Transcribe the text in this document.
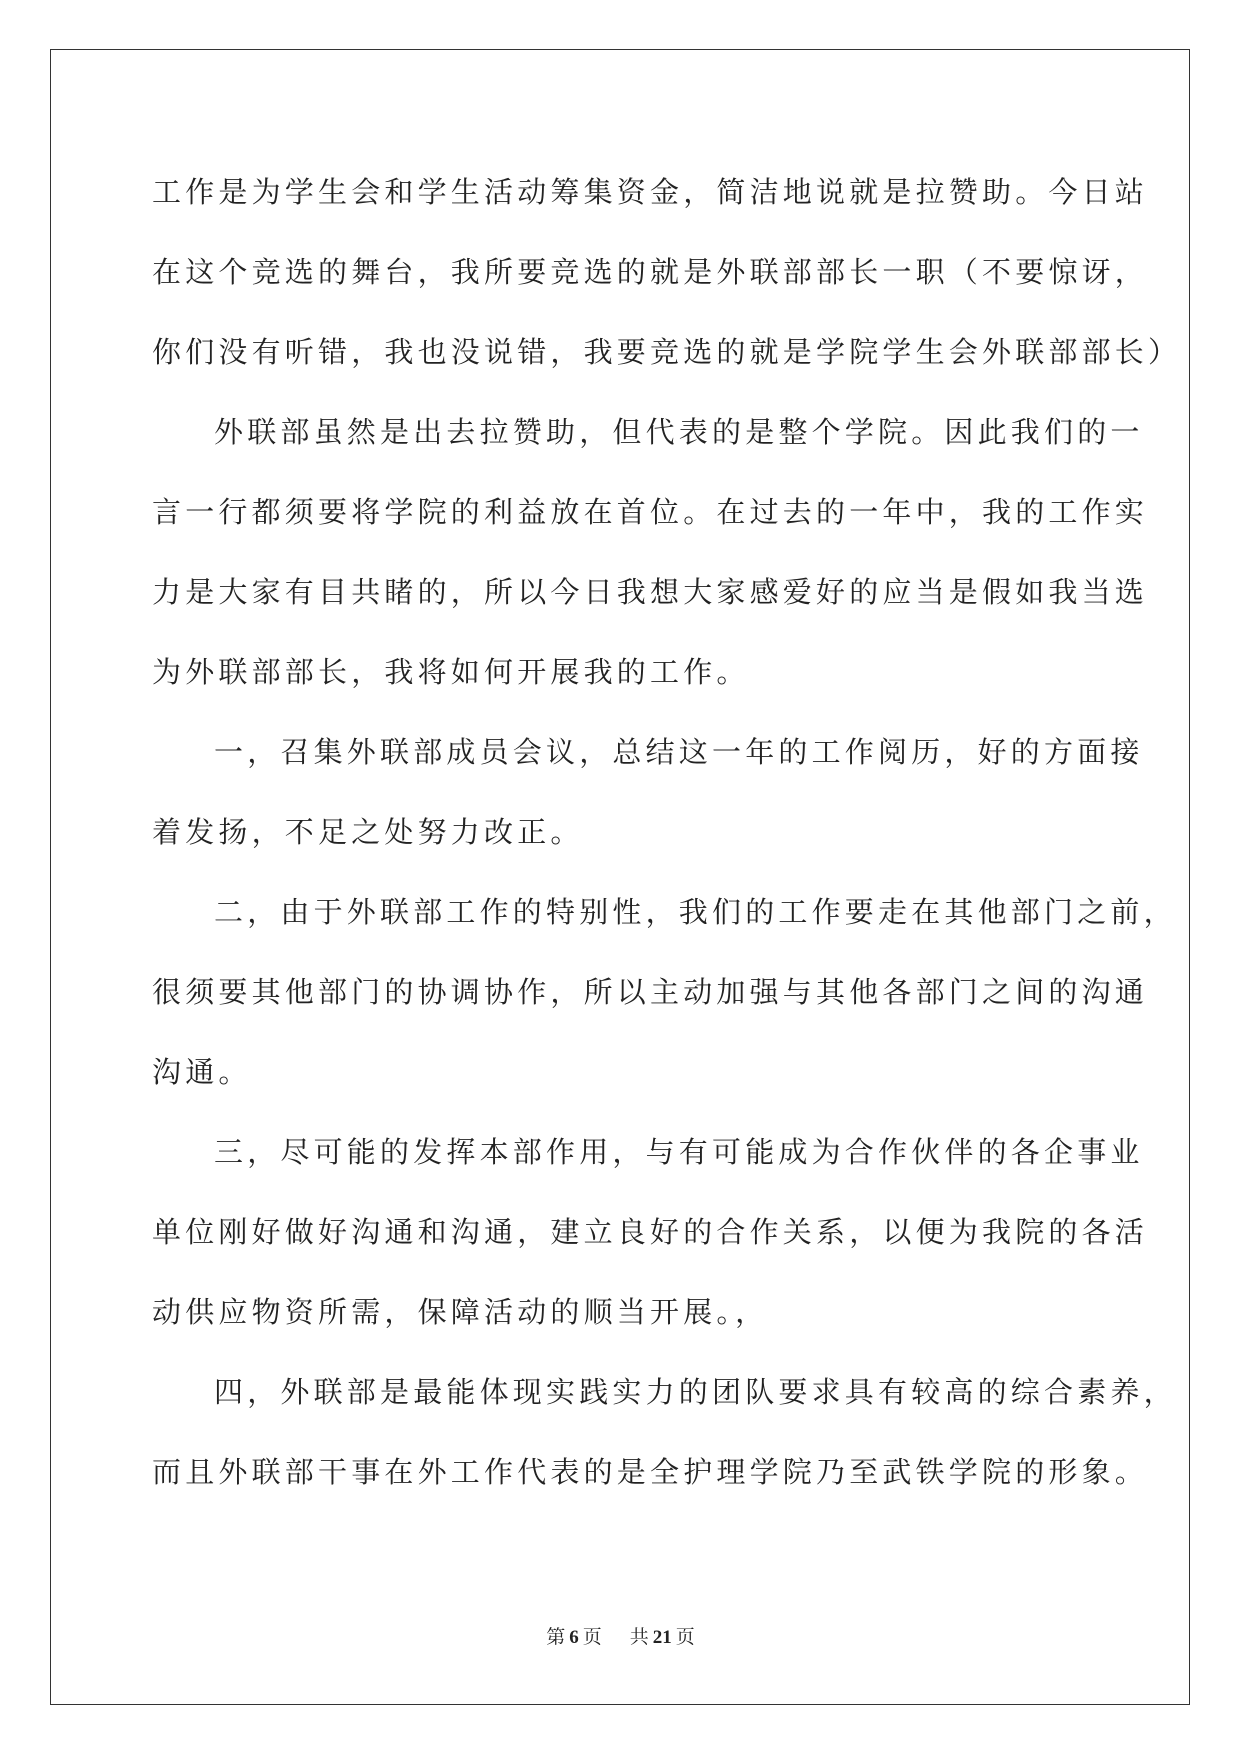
工作是为学生会和学生活动筹集资金，简洁地说就是拉赞助。今日站
在这个竞选的舞台，我所要竞选的就是外联部部长一职（不要惊讶，
你们没有听错，我也没说错，我要竞选的就是学院学生会外联部部长）
外联部虽然是出去拉赞助，但代表的是整个学院。因此我们的一
言一行都须要将学院的利益放在首位。在过去的一年中，我的工作实
力是大家有目共睹的，所以今日我想大家感爱好的应当是假如我当选
为外联部部长，我将如何开展我的工作。
一，召集外联部成员会议，总结这一年的工作阅历，好的方面接
着发扬，不足之处努力改正。
二，由于外联部工作的特别性，我们的工作要走在其他部门之前，
很须要其他部门的协调协作，所以主动加强与其他各部门之间的沟通
沟通。
三，尽可能的发挥本部作用，与有可能成为合作伙伴的各企事业
单位刚好做好沟通和沟通，建立良好的合作关系，以便为我院的各活
动供应物资所需，保障活动的顺当开展。，
四，外联部是最能体现实践实力的团队要求具有较高的综合素养，
而且外联部干事在外工作代表的是全护理学院乃至武铁学院的形象。
第 6 页 共 21 页
